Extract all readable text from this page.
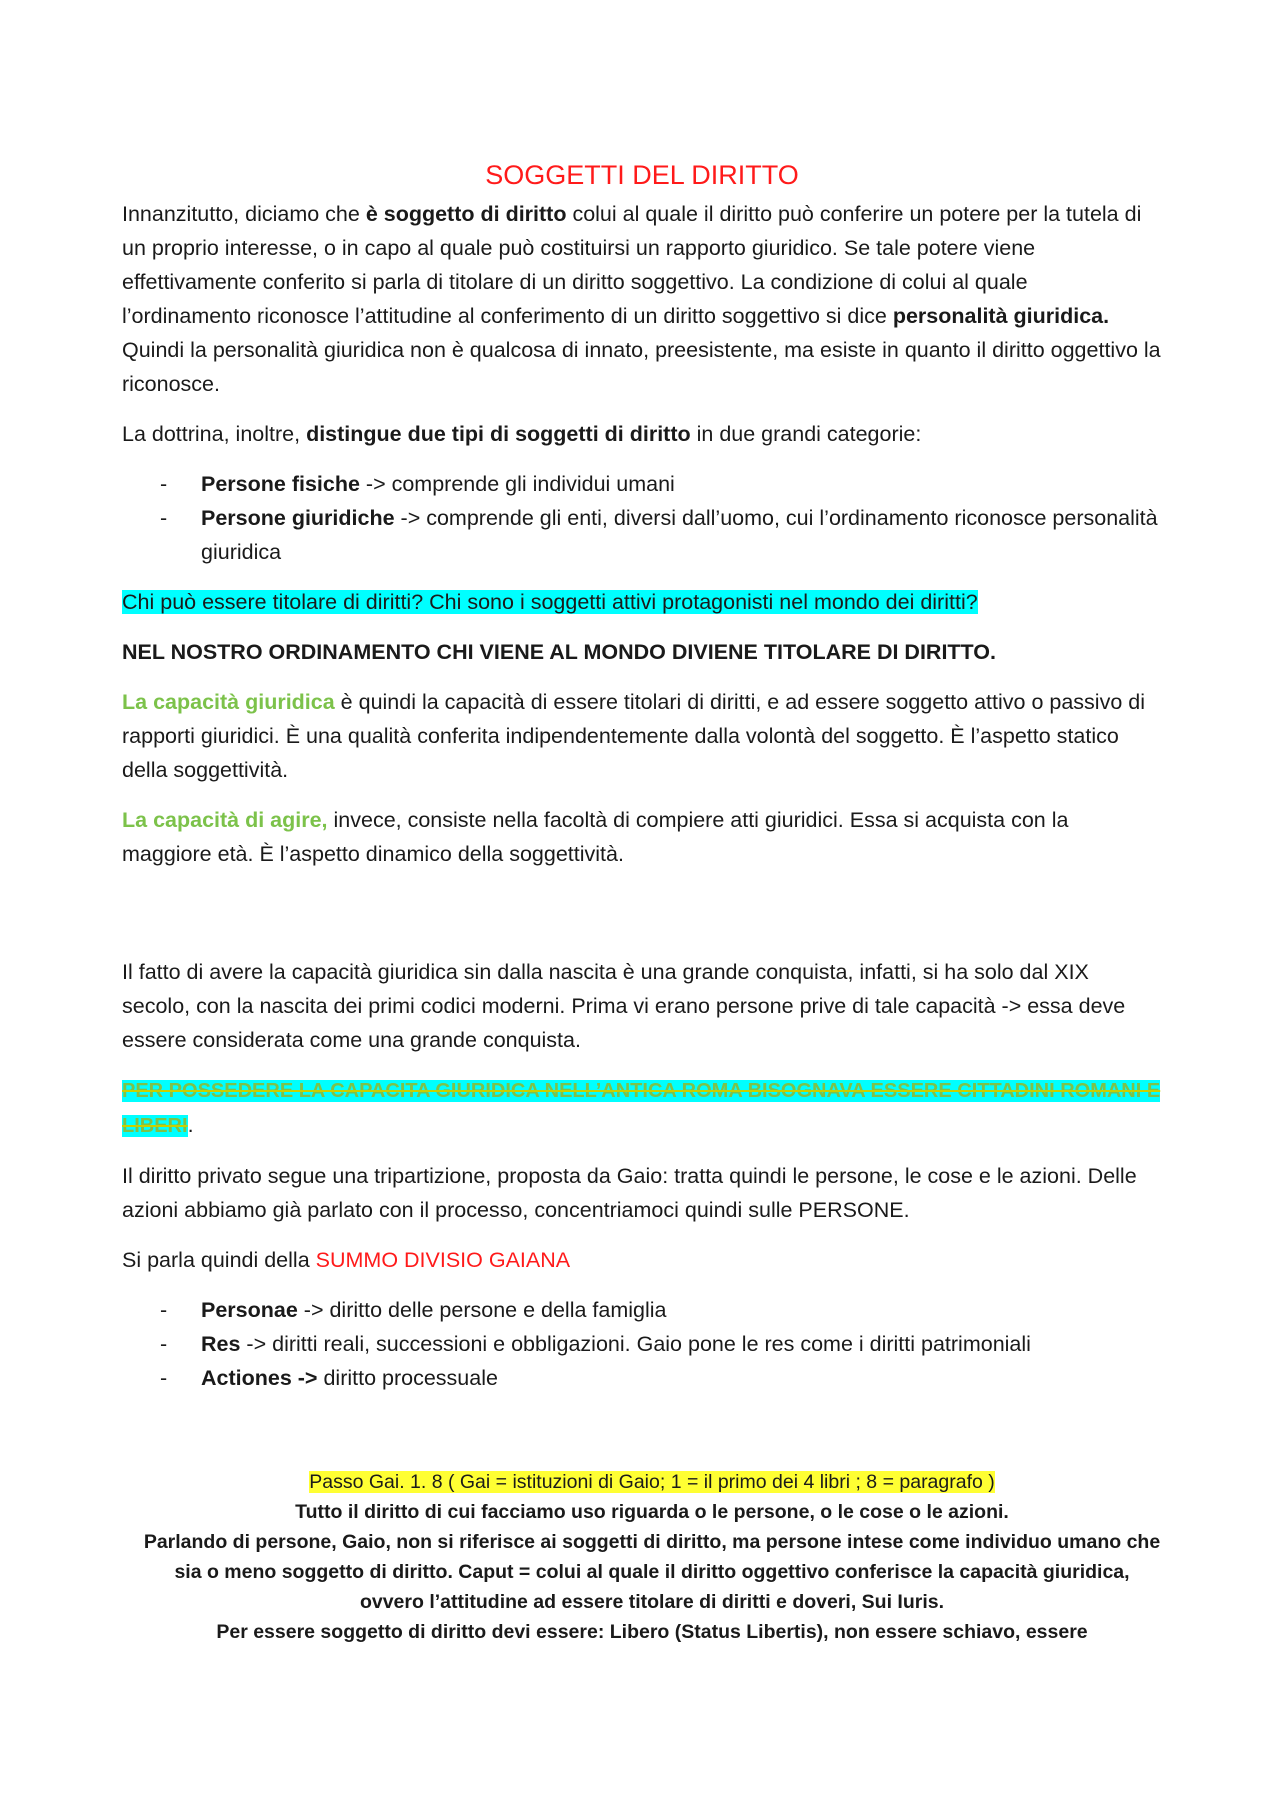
SOGGETTI DEL DIRITTO

Innanzitutto, diciamo che è soggetto di diritto colui al quale il diritto può conferire un potere per la tutela di un proprio interesse, o in capo al quale può costituirsi un rapporto giuridico. Se tale potere viene effettivamente conferito si parla di titolare di un diritto soggettivo. La condizione di colui al quale l’ordinamento riconosce l’attitudine al conferimento di un diritto soggettivo si dice personalità giuridica. Quindi la personalità giuridica non è qualcosa di innato, preesistente, ma esiste in quanto il diritto oggettivo la riconosce.

La dottrina, inoltre, distingue due tipi di soggetti di diritto in due grandi categorie:

- Persone fisiche -> comprende gli individui umani
- Persone giuridiche -> comprende gli enti, diversi dall’uomo, cui l’ordinamento riconosce personalità giuridica

Chi può essere titolare di diritti? Chi sono i soggetti attivi protagonisti nel mondo dei diritti?

NEL NOSTRO ORDINAMENTO CHI VIENE AL MONDO DIVIENE TITOLARE DI DIRITTO.

La capacità giuridica è quindi la capacità di essere titolari di diritti, e ad essere soggetto attivo o passivo di rapporti giuridici. È una qualità conferita indipendentemente dalla volontà del soggetto. È l’aspetto statico della soggettività.

La capacità di agire, invece, consiste nella facoltà di compiere atti giuridici. Essa si acquista con la maggiore età. È l’aspetto dinamico della soggettività.

Il fatto di avere la capacità giuridica sin dalla nascita è una grande conquista, infatti, si ha solo dal XIX secolo, con la nascita dei primi codici moderni. Prima vi erano persone prive di tale capacità -> essa deve essere considerata come una grande conquista.

PER POSSEDERE LA CAPACITA GIURIDICA NELL’ANTICA ROMA BISOGNAVA ESSERE CITTADINI ROMANI E LIBERI.

Il diritto privato segue una tripartizione, proposta da Gaio: tratta quindi le persone, le cose e le azioni. Delle azioni abbiamo già parlato con il processo, concentriamoci quindi sulle PERSONE.

Si parla quindi della SUMMO DIVISIO GAIANA

- Personae -> diritto delle persone e della famiglia
- Res -> diritti reali, successioni e obbligazioni. Gaio pone le res come i diritti patrimoniali
- Actiones -> diritto processuale
Passo Gai. 1. 8 ( Gai = istituzioni di Gaio; 1 = il primo dei 4 libri ; 8 = paragrafo )
Tutto il diritto di cui facciamo uso riguarda o le persone, o le cose o le azioni.
Parlando di persone, Gaio, non si riferisce ai soggetti di diritto, ma persone intese come individuo umano che sia o meno soggetto di diritto. Caput = colui al quale il diritto oggettivo conferisce la capacità giuridica, ovvero l’attitudine ad essere titolare di diritti e doveri, Sui Iuris.
Per essere soggetto di diritto devi essere: Libero (Status Libertis), non essere schiavo, essere
